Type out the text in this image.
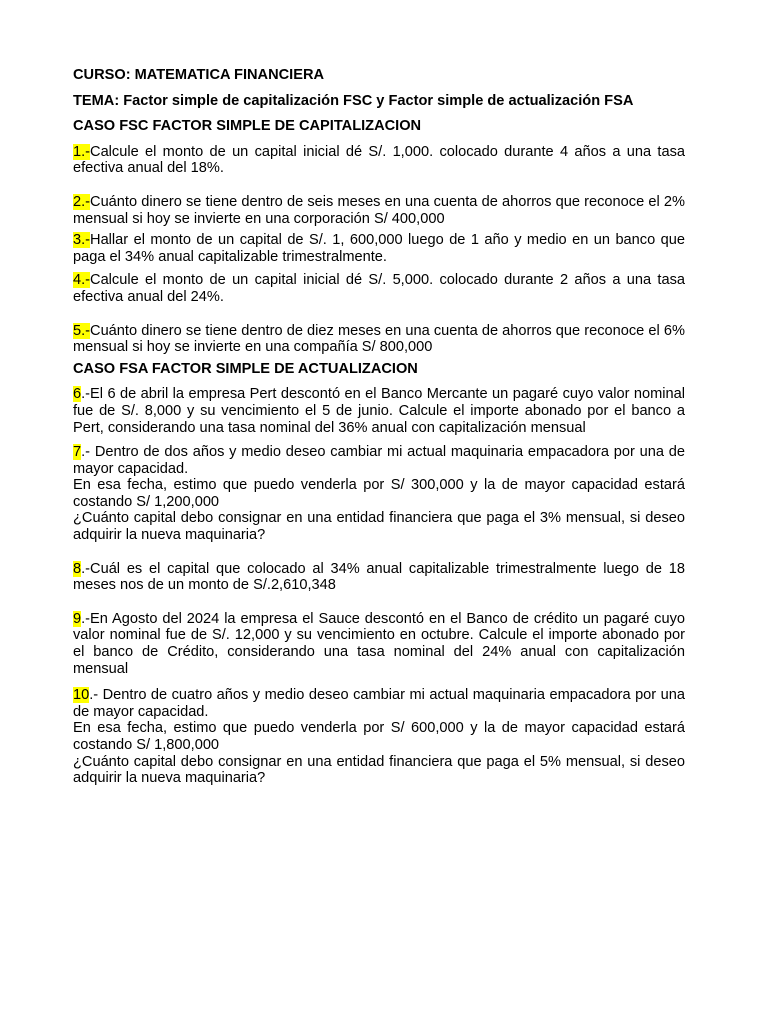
CURSO: MATEMATICA FINANCIERA

TEMA: Factor simple de capitalización FSC y Factor simple de actualización FSA

CASO FSC FACTOR SIMPLE DE CAPITALIZACION

1.-Calcule el monto de un capital inicial dé S/. 1,000. colocado durante 4 años a una tasa efectiva anual del 18%.

2.-Cuánto dinero se tiene dentro de seis meses en una cuenta de ahorros que reconoce el 2% mensual si hoy se invierte en una corporación S/ 400,000

3.-Hallar el monto de un capital de S/. 1, 600,000 luego de 1 año y medio en un banco que paga el 34% anual capitalizable trimestralmente.

4.-Calcule el monto de un capital inicial dé S/. 5,000. colocado durante 2 años a una tasa efectiva anual del 24%.

5.-Cuánto dinero se tiene dentro de diez meses en una cuenta de ahorros que reconoce el 6% mensual si hoy se invierte en una compañía S/ 800,000

CASO FSA FACTOR SIMPLE DE ACTUALIZACION

6.-El 6 de abril la empresa Pert descontó en el Banco Mercante un pagaré cuyo valor nominal fue de S/. 8,000 y su vencimiento el 5 de junio. Calcule el importe abonado por el banco a Pert, considerando una tasa nominal del 36% anual con capitalización mensual

7.- Dentro de dos años y medio deseo cambiar mi actual maquinaria empacadora por una de mayor capacidad.
En esa fecha, estimo que puedo venderla por S/ 300,000 y la de mayor capacidad estará costando S/ 1,200,000
¿Cuánto capital debo consignar en una entidad financiera que paga el 3% mensual, si deseo adquirir la nueva maquinaria?

8.-Cuál es el capital que colocado al 34% anual capitalizable trimestralmente luego de 18 meses nos de un monto de S/.2,610,348

9.-En Agosto del 2024 la empresa el Sauce descontó en el Banco de crédito un pagaré cuyo valor nominal fue de S/. 12,000 y su vencimiento en octubre. Calcule el importe abonado por el banco de Crédito, considerando una tasa nominal del 24% anual con capitalización mensual

10.- Dentro de cuatro años y medio deseo cambiar mi actual maquinaria empacadora por una de mayor capacidad.
En esa fecha, estimo que puedo venderla por S/ 600,000 y la de mayor capacidad estará costando S/ 1,800,000
¿Cuánto capital debo consignar en una entidad financiera que paga el 5% mensual, si deseo adquirir la nueva maquinaria?
